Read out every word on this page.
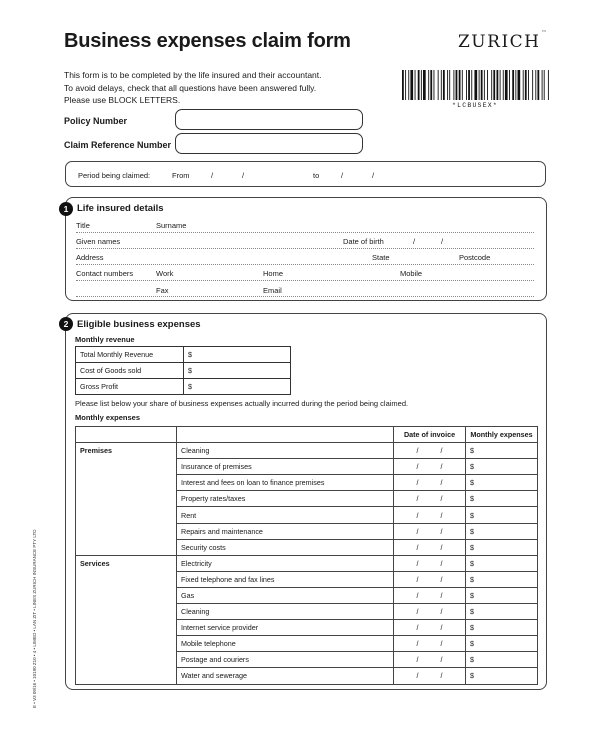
Business expenses claim form	ZURICH™
This form is to be completed by the life insured and their accountant.
To avoid delays, check that all questions have been answered fully.
Please use BLOCK LETTERS.
*LCBUSEX*
E • V3 09/16 • 10190 Z10 • 4 • LIMBO • LAN ZIT • LINES ZURICH INSURANCE PTY LTD
Policy Number
Claim Reference Number
Period being claimed:	From	/	/	to	/	/
1 Life insured details
Title	Surname
Given names	Date of birth	/	/
Address	State	Postcode
Contact numbers	Work	Home	Mobile
Fax	Email
2 Eligible business expenses
Monthly revenue
Total Monthly Revenue	$
Cost of Goods sold	$
Gross Profit	$
Please list below your share of business expenses actually incurred during the period being claimed.
Monthly expenses
		Date of invoice	Monthly expenses
Premises	Cleaning	/ /	$
	Insurance of premises	/ /	$
	Interest and fees on loan to finance premises	/ /	$
	Property rates/taxes	/ /	$
	Rent	/ /	$
	Repairs and maintenance	/ /	$
	Security costs	/ /	$
Services	Electricity	/ /	$
	Fixed telephone and fax lines	/ /	$
	Gas	/ /	$
	Cleaning	/ /	$
	Internet service provider	/ /	$
	Mobile telephone	/ /	$
	Postage and couriers	/ /	$
	Water and sewerage	/ /	$
